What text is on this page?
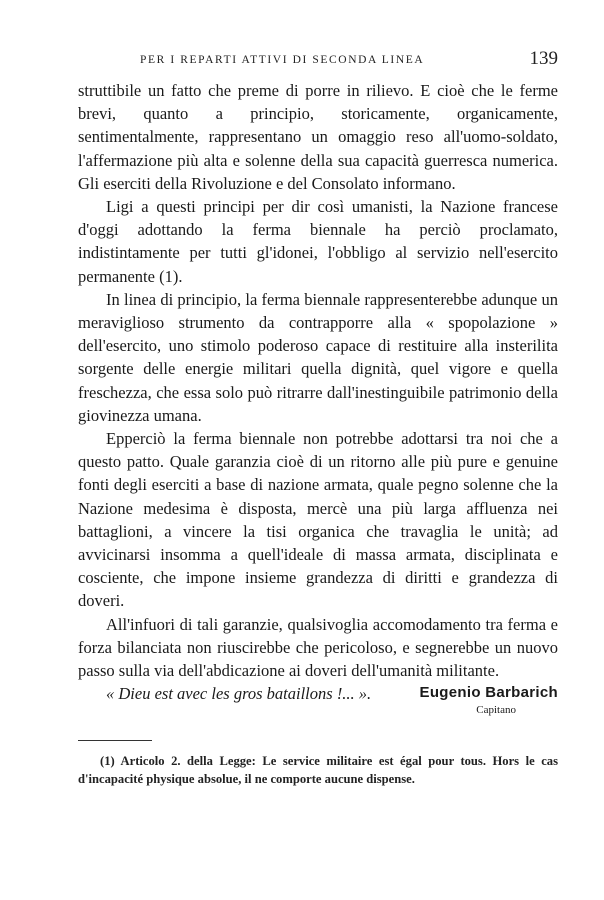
PER I REPARTI ATTIVI DI SECONDA LINEA	139

struttibile un fatto che preme di porre in rilievo. E cioè che le ferme brevi, quanto a principio, storicamente, organicamente, sentimentalmente, rappresentano un omaggio reso all'uomo-soldato, l'affermazione più alta e solenne della sua capacità guerresca numerica. Gli eserciti della Rivoluzione e del Consolato informano.

Ligi a questi principi per dir così umanisti, la Nazione francese d'oggi adottando la ferma biennale ha perciò proclamato, indistintamente per tutti gl'idonei, l'obbligo al servizio nell'esercito permanente (1).

In linea di principio, la ferma biennale rappresenterebbe adunque un meraviglioso strumento da contrapporre alla « spopolazione » dell'esercito, uno stimolo poderoso capace di restituire alla insterilita sorgente delle energie militari quella dignità, quel vigore e quella freschezza, che essa solo può ritrarre dall'inestinguibile patrimonio della giovinezza umana.

Epperciò la ferma biennale non potrebbe adottarsi tra noi che a questo patto. Quale garanzia cioè di un ritorno alle più pure e genuine fonti degli eserciti a base di nazione armata, quale pegno solenne che la Nazione medesima è disposta, mercè una più larga affluenza nei battaglioni, a vincere la tisi organica che travaglia le unità; ad avvicinarsi insomma a quell'ideale di massa armata, disciplinata e cosciente, che impone insieme grandezza di diritti e grandezza di doveri.

All'infuori di tali garanzie, qualsivoglia accomodamento tra ferma e forza bilanciata non riuscirebbe che pericoloso, e segnerebbe un nuovo passo sulla via dell'abdicazione ai doveri dell'umanità militante.

« Dieu est avec les gros bataillons !... ».	Eugenio Barbarich
Capitano

(1) Articolo 2. della Legge: Le service militaire est égal pour tous. Hors le cas d'incapacité physique absolue, il ne comporte aucune dispense.
